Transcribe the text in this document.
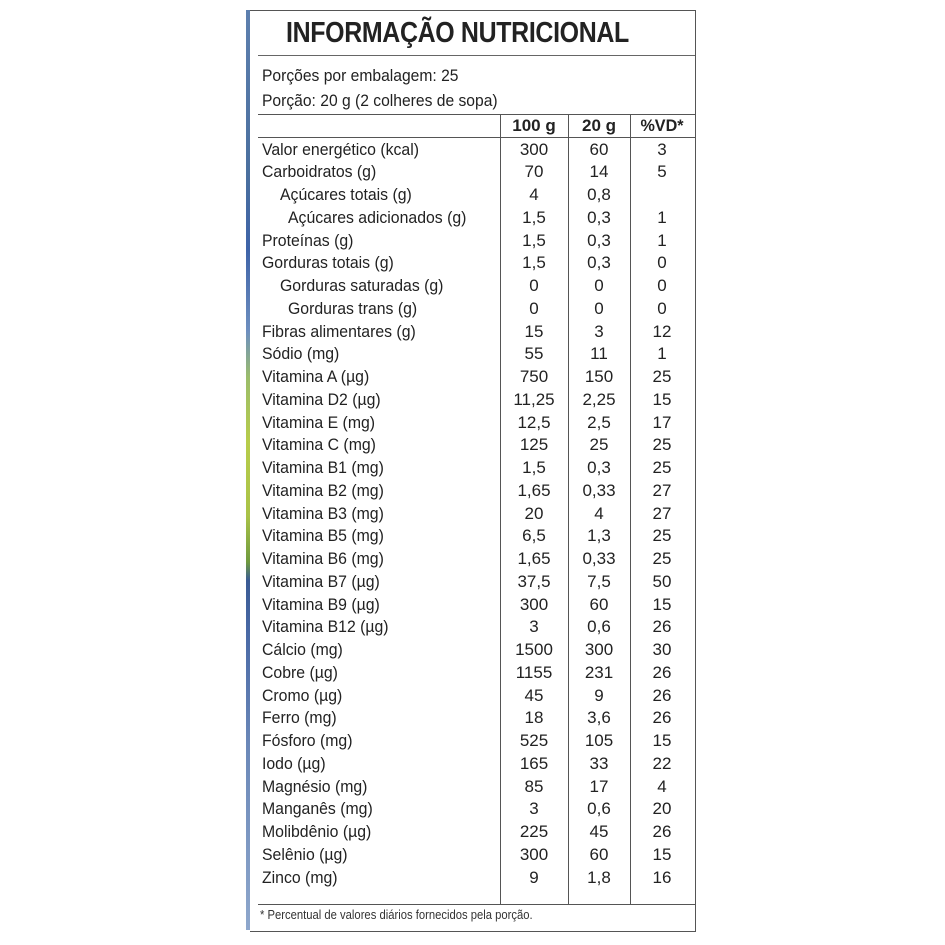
INFORMAÇÃO NUTRICIONAL
Porções por embalagem: 25
Porção: 20 g (2 colheres de sopa)
100 g	20 g	%VD*
Valor energético (kcal)	300	60	3
Carboidratos (g)	70	14	5
Açúcares totais (g)	4	0,8
Açúcares adicionados (g)	1,5	0,3	1
Proteínas (g)	1,5	0,3	1
Gorduras totais (g)	1,5	0,3	0
Gorduras saturadas (g)	0	0	0
Gorduras trans (g)	0	0	0
Fibras alimentares (g)	15	3	12
Sódio (mg)	55	11	1
Vitamina A (µg)	750	150	25
Vitamina D2 (µg)	11,25	2,25	15
Vitamina E (mg)	12,5	2,5	17
Vitamina C (mg)	125	25	25
Vitamina B1 (mg)	1,5	0,3	25
Vitamina B2 (mg)	1,65	0,33	27
Vitamina B3 (mg)	20	4	27
Vitamina B5 (mg)	6,5	1,3	25
Vitamina B6 (mg)	1,65	0,33	25
Vitamina B7 (µg)	37,5	7,5	50
Vitamina B9 (µg)	300	60	15
Vitamina B12 (µg)	3	0,6	26
Cálcio (mg)	1500	300	30
Cobre (µg)	1155	231	26
Cromo (µg)	45	9	26
Ferro (mg)	18	3,6	26
Fósforo (mg)	525	105	15
Iodo (µg)	165	33	22
Magnésio (mg)	85	17	4
Manganês (mg)	3	0,6	20
Molibdênio (µg)	225	45	26
Selênio (µg)	300	60	15
Zinco (mg)	9	1,8	16
* Percentual de valores diários fornecidos pela porção.
